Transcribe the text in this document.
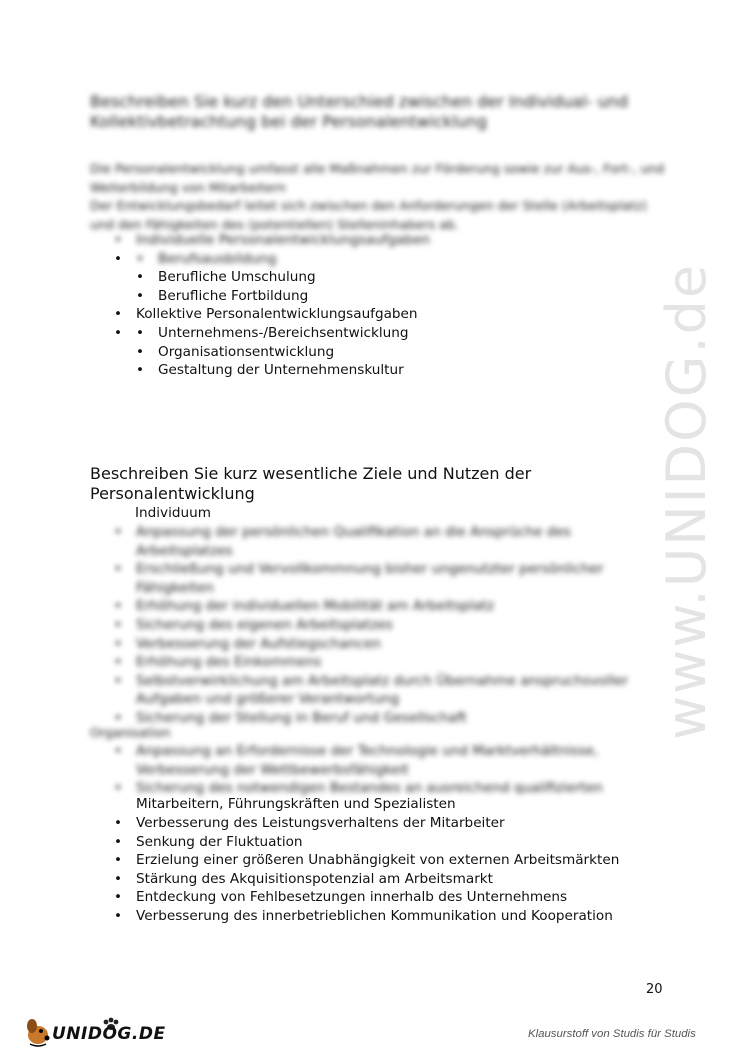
www.UNIDOG.de
Beschreiben Sie kurz den Unterschied zwischen der Individual- und
Kollektivbetrachtung bei der Personalentwicklung
Die Personalentwicklung umfasst alle Maßnahmen zur Förderung sowie zur Aus-, Fort-, und
Weiterbildung von Mitarbeitern
Der Entwicklungsbedarf leitet sich zwischen den Anforderungen der Stelle (Arbeitsplatz)
und den Fähigkeiten des (potentiellen) Stelleninhabers ab.
• Individuelle Personalentwicklungsaufgaben
• • Berufsausbildung
• Berufliche Umschulung
• Berufliche Fortbildung
• Kollektive Personalentwicklungsaufgaben
• • Unternehmens-/Bereichsentwicklung
• Organisationsentwicklung
• Gestaltung der Unternehmenskultur
Beschreiben Sie kurz wesentliche Ziele und Nutzen der
Personalentwicklung
Individuum
• Anpassung der persönlichen Qualifikation an die Ansprüche des Arbeitsplatzes
• Erschließung und Vervollkommnung bisher ungenutzter persönlicher Fähigkeiten
• Erhöhung der individuellen Mobilität am Arbeitsplatz
• Sicherung des eigenen Arbeitsplatzes
• Verbesserung der Aufstiegschancen
• Erhöhung des Einkommens
• Selbstverwirklichung am Arbeitsplatz durch Übernahme anspruchsvoller Aufgaben und größerer Verantwortung
• Sicherung der Stellung in Beruf und Gesellschaft
Organisation
• Anpassung an Erfordernisse der Technologie und Marktverhältnisse, Verbesserung der Wettbewerbsfähigkeit
• Sicherung des notwendigen Bestandes an ausreichend qualifizierten
Mitarbeitern, Führungskräften und Spezialisten
• Verbesserung des Leistungsverhaltens der Mitarbeiter
• Senkung der Fluktuation
• Erzielung einer größeren Unabhängigkeit von externen Arbeitsmärkten
• Stärkung des Akquisitionspotenzial am Arbeitsmarkt
• Entdeckung von Fehlbesetzungen innerhalb des Unternehmens
• Verbesserung des innerbetrieblichen Kommunikation und Kooperation
20
UNIDOG.DE	Klausurstoff von Studis für Studis
